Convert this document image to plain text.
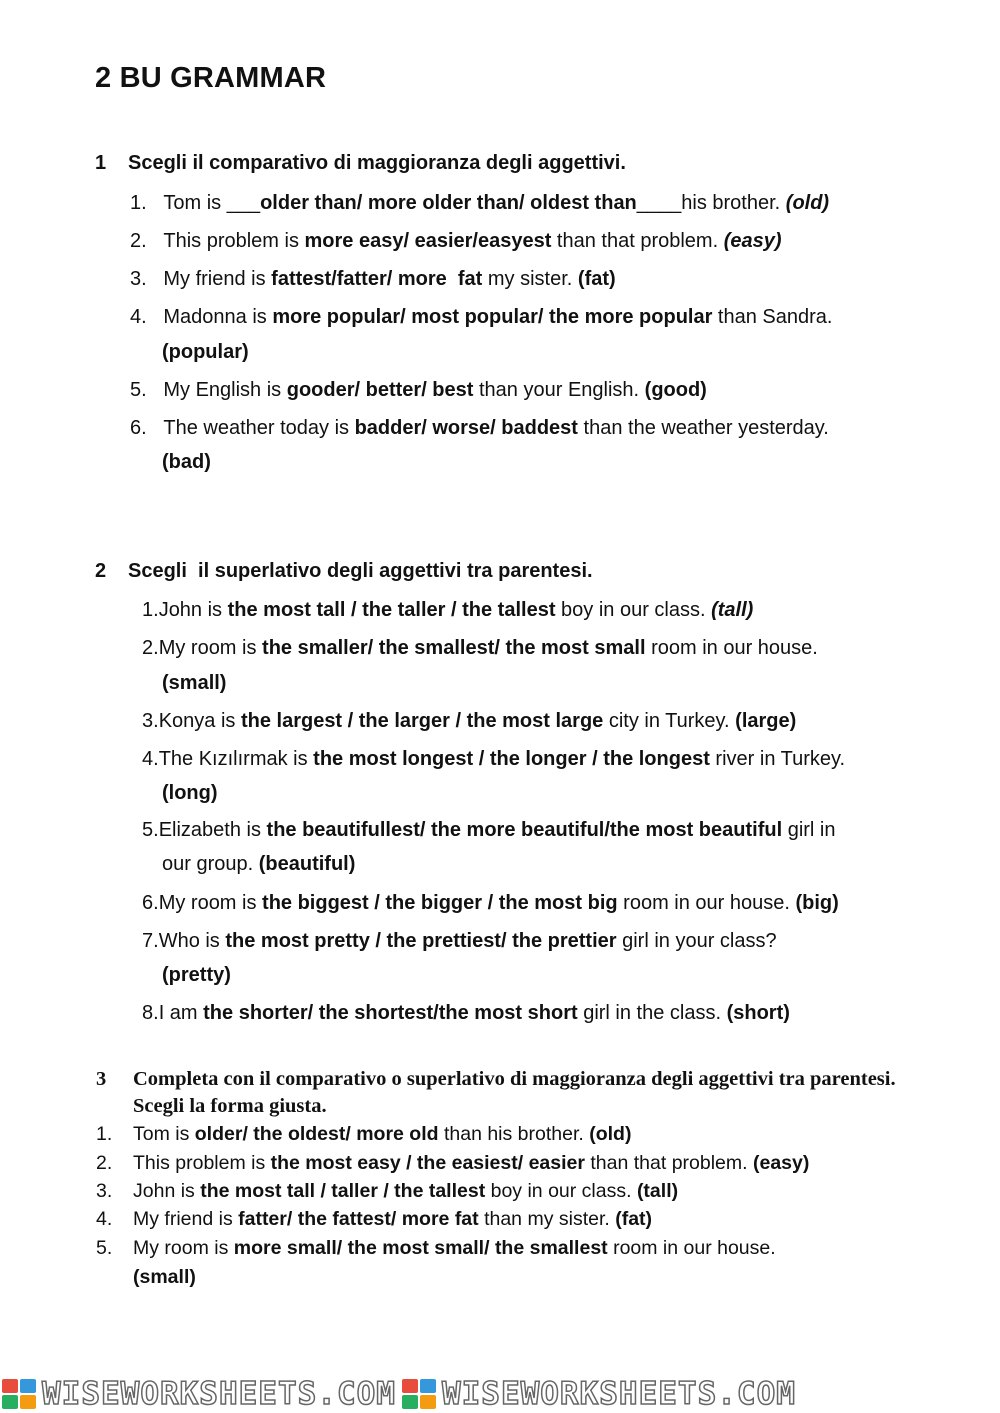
2 BU GRAMMAR
1 Scegli il comparativo di maggioranza degli aggettivi.
1. Tom is ___older than/ more older than/ oldest than____his brother. (old)
2. This problem is more easy/ easier/easyest than that problem. (easy)
3. My friend is fattest/fatter/ more  fat my sister. (fat)
4. Madonna is more popular/ most popular/ the more popular than Sandra.
(popular)
5. My English is gooder/ better/ best than your English. (good)
6. The weather today is badder/ worse/ baddest than the weather yesterday.
(bad)
2 Scegli  il superlativo degli aggettivi tra parentesi.
1.John is the most tall / the taller / the tallest boy in our class. (tall)
2.My room is the smaller/ the smallest/ the most small room in our house.
(small)
3.Konya is the largest / the larger / the most large city in Turkey. (large)
4.The Kızılırmak is the most longest / the longer / the longest river in Turkey.
(long)
5.Elizabeth is the beautifullest/ the more beautiful/the most beautiful girl in
our group. (beautiful)
6.My room is the biggest / the bigger / the most big room in our house. (big)
7.Who is the most pretty / the prettiest/ the prettier girl in your class?
(pretty)
8.I am the shorter/ the shortest/the most short girl in the class. (short)
3 Completa con il comparativo o superlativo di maggioranza degli aggettivi tra parentesi. Scegli la forma giusta.
1. Tom is older/ the oldest/ more old than his brother. (old)
2. This problem is the most easy / the easiest/ easier than that problem. (easy)
3. John is the most tall / taller / the tallest boy in our class. (tall)
4. My friend is fatter/ the fattest/ more fat than my sister. (fat)
5. My room is more small/ the most small/ the smallest room in our house.
(small)
WISEWORKSHEETS.COM WISEWORKSHEETS.COM
